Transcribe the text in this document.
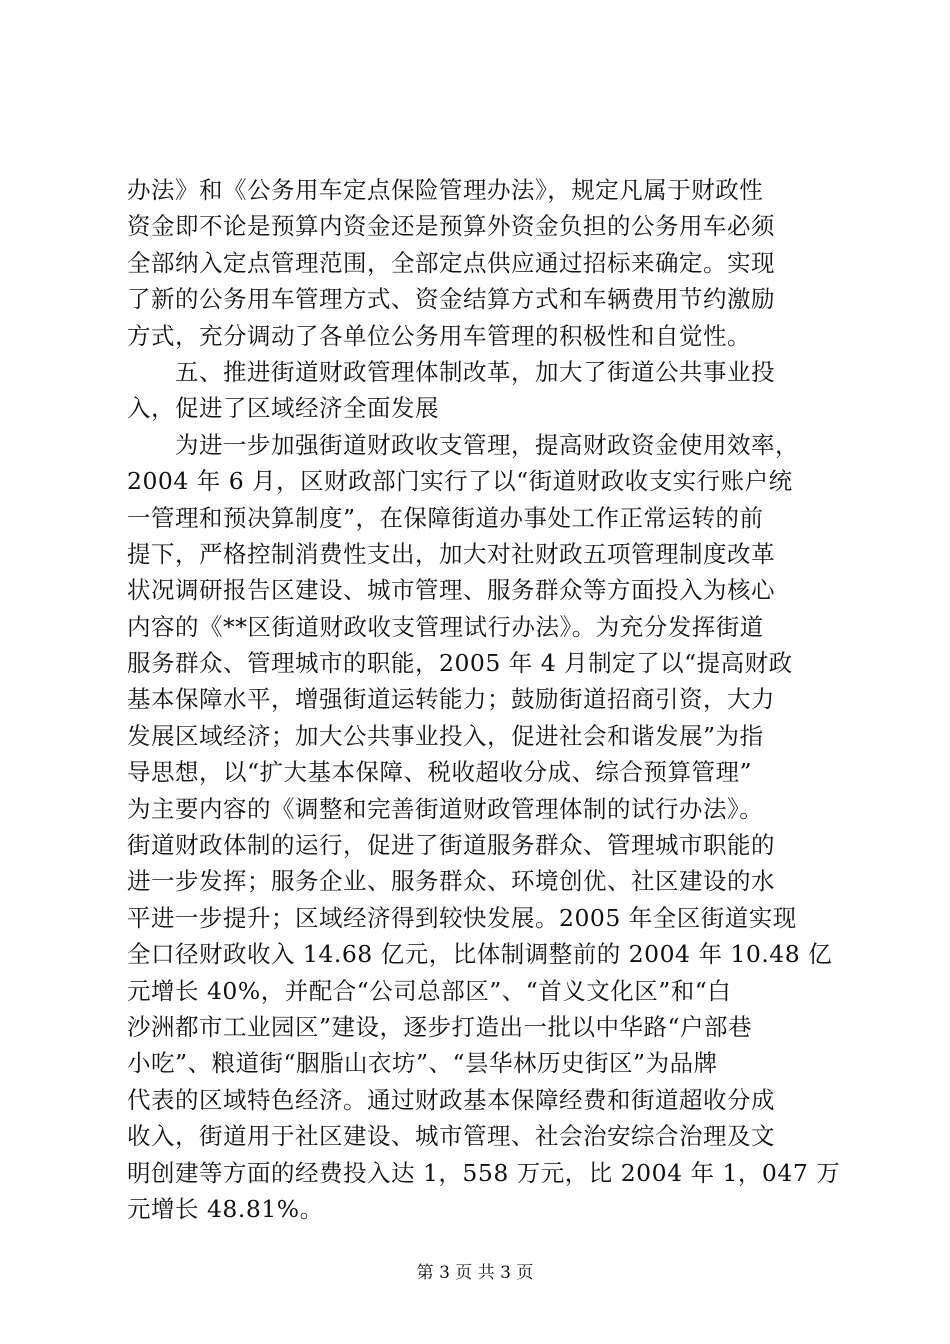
办法》和《公务用车定点保险管理办法》，规定凡属于财政性
资金即不论是预算内资金还是预算外资金负担的公务用车必须
全部纳入定点管理范围，全部定点供应通过招标来确定。实现
了新的公务用车管理方式、资金结算方式和车辆费用节约激励
方式，充分调动了各单位公务用车管理的积极性和自觉性。
　　五、推进街道财政管理体制改革，加大了街道公共事业投
入，促进了区域经济全面发展
　　为进一步加强街道财政收支管理，提高财政资金使用效率，
2004 年 6 月，区财政部门实行了以“街道财政收支实行账户统
一管理和预决算制度”，在保障街道办事处工作正常运转的前
提下，严格控制消费性支出，加大对社财政五项管理制度改革
状况调研报告区建设、城市管理、服务群众等方面投入为核心
内容的《**区街道财政收支管理试行办法》。为充分发挥街道
服务群众、管理城市的职能，2005 年 4 月制定了以“提高财政
基本保障水平，增强街道运转能力；鼓励街道招商引资，大力
发展区域经济；加大公共事业投入，促进社会和谐发展”为指
导思想，以“扩大基本保障、税收超收分成、综合预算管理”
为主要内容的《调整和完善街道财政管理体制的试行办法》。
街道财政体制的运行，促进了街道服务群众、管理城市职能的
进一步发挥；服务企业、服务群众、环境创优、社区建设的水
平进一步提升；区域经济得到较快发展。2005 年全区街道实现
全口径财政收入 14.68 亿元，比体制调整前的 2004 年 10.48 亿
元增长 40%，并配合“公司总部区”、“首义文化区”和“白
沙洲都市工业园区”建设，逐步打造出一批以中华路“户部巷
小吃”、粮道街“胭脂山衣坊”、“昙华林历史街区”为品牌
代表的区域特色经济。通过财政基本保障经费和街道超收分成
收入，街道用于社区建设、城市管理、社会治安综合治理及文
明创建等方面的经费投入达 1，558 万元，比 2004 年 1，047 万
元增长 48.81%。
第 3 页 共 3 页
